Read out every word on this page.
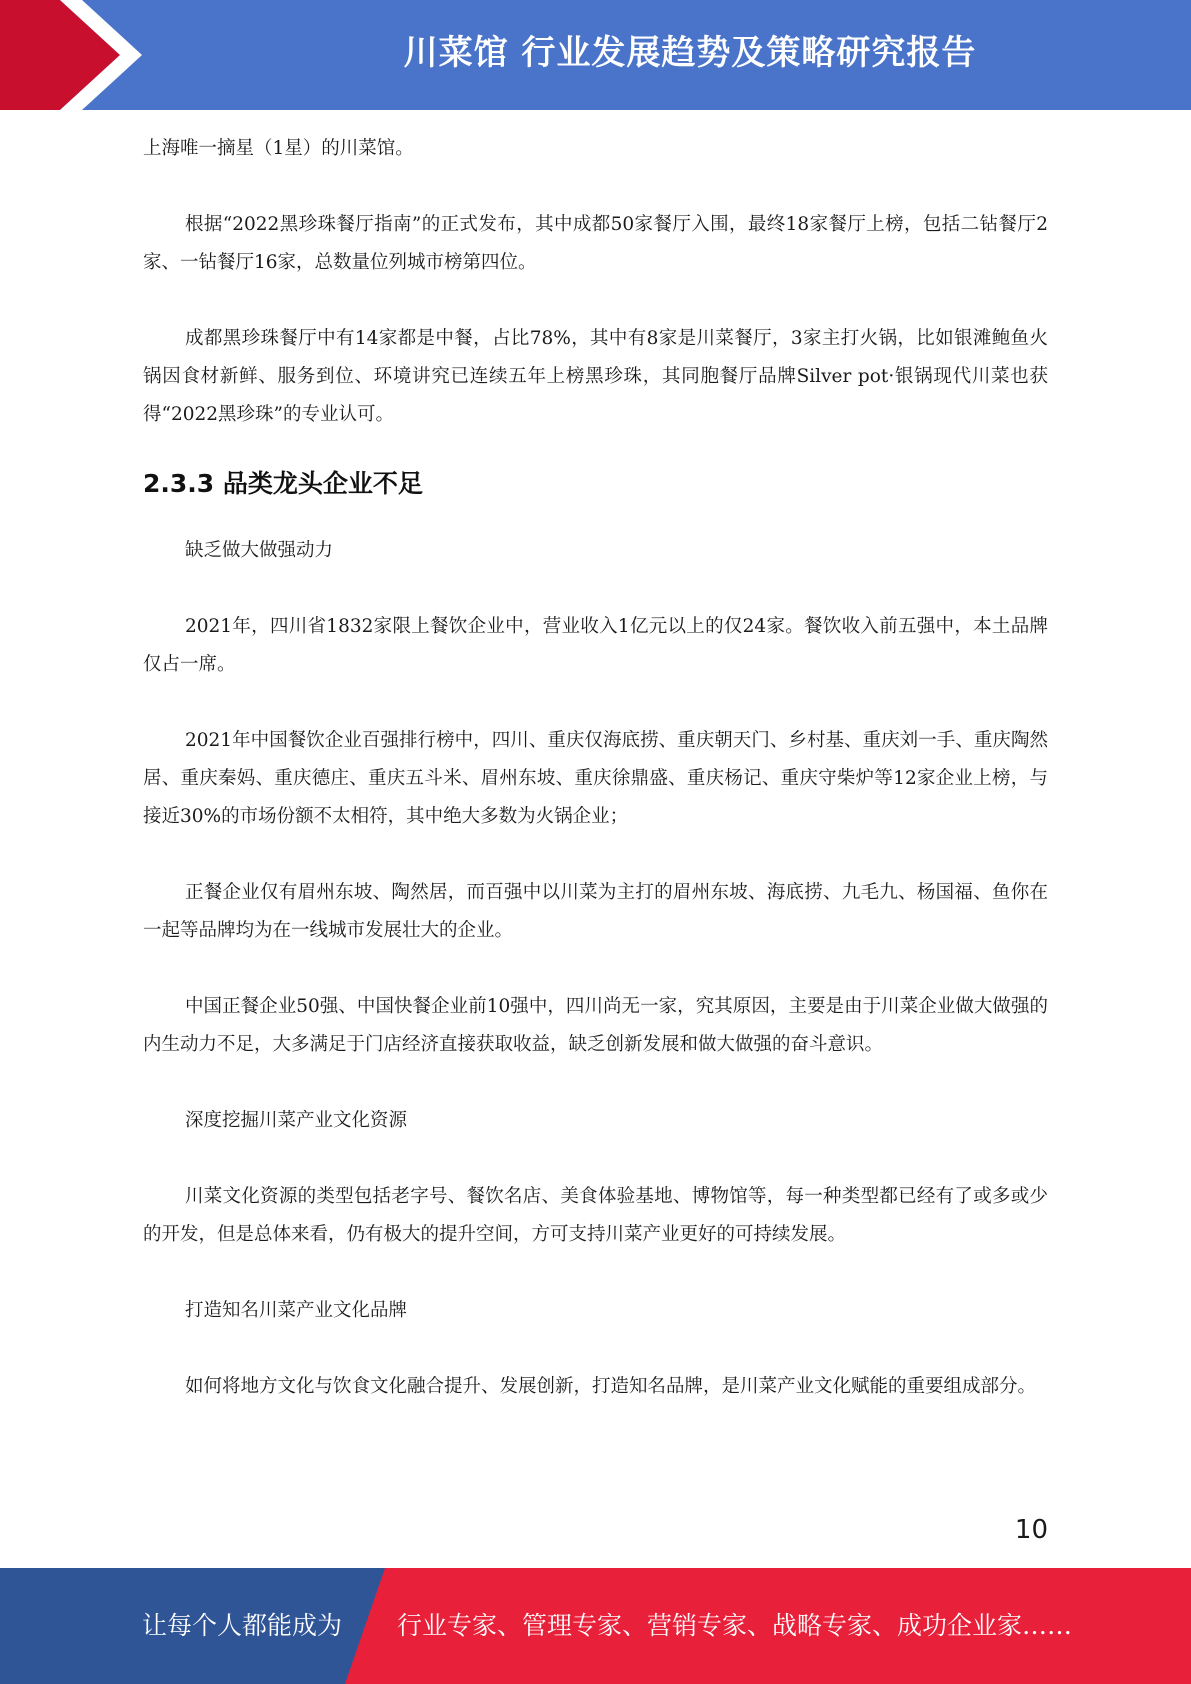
川菜馆 行业发展趋势及策略研究报告

上海唯一摘星（1星）的川菜馆。

根据“2022黑珍珠餐厅指南”的正式发布，其中成都50家餐厅入围，最终18家餐厅上榜，包括二钻餐厅2家、一钻餐厅16家，总数量位列城市榜第四位。

成都黑珍珠餐厅中有14家都是中餐，占比78%，其中有8家是川菜餐厅，3家主打火锅，比如银滩鲍鱼火锅因食材新鲜、服务到位、环境讲究已连续五年上榜黑珍珠，其同胞餐厅品牌Silver pot·银锅现代川菜也获得“2022黑珍珠”的专业认可。

2.3.3 品类龙头企业不足

缺乏做大做强动力

2021年，四川省1832家限上餐饮企业中，营业收入1亿元以上的仅24家。餐饮收入前五强中，本土品牌仅占一席。

2021年中国餐饮企业百强排行榜中，四川、重庆仅海底捞、重庆朝天门、乡村基、重庆刘一手、重庆陶然居、重庆秦妈、重庆德庄、重庆五斗米、眉州东坡、重庆徐鼎盛、重庆杨记、重庆守柴炉等12家企业上榜，与接近30%的市场份额不太相符，其中绝大多数为火锅企业；

正餐企业仅有眉州东坡、陶然居，而百强中以川菜为主打的眉州东坡、海底捞、九毛九、杨国福、鱼你在一起等品牌均为在一线城市发展壮大的企业。

中国正餐企业50强、中国快餐企业前10强中，四川尚无一家，究其原因，主要是由于川菜企业做大做强的内生动力不足，大多满足于门店经济直接获取收益，缺乏创新发展和做大做强的奋斗意识。

深度挖掘川菜产业文化资源

川菜文化资源的类型包括老字号、餐饮名店、美食体验基地、博物馆等，每一种类型都已经有了或多或少的开发，但是总体来看，仍有极大的提升空间，方可支持川菜产业更好的可持续发展。

打造知名川菜产业文化品牌

如何将地方文化与饮食文化融合提升、发展创新，打造知名品牌，是川菜产业文化赋能的重要组成部分。

10
让每个人都能成为 行业专家、管理专家、营销专家、战略专家、成功企业家……
